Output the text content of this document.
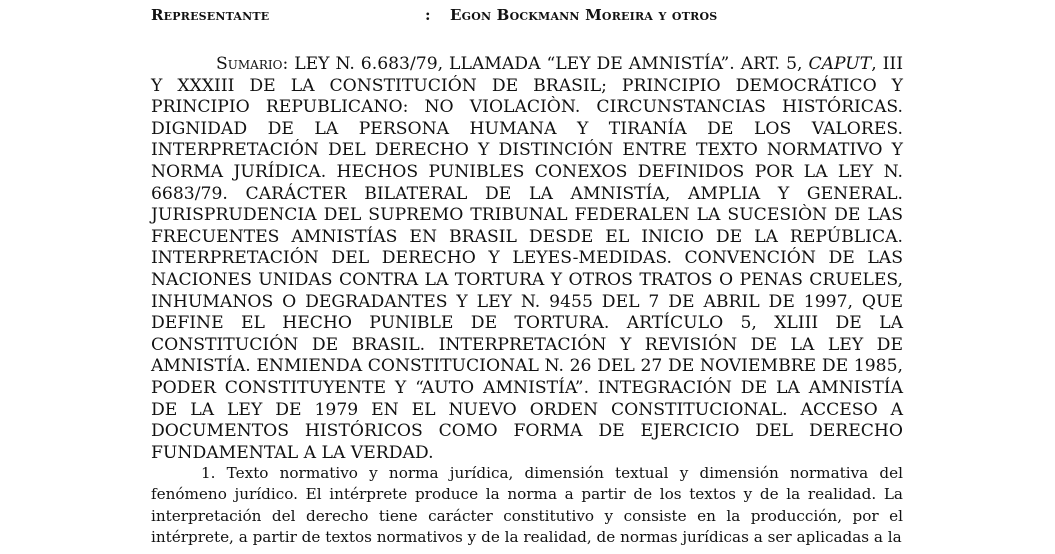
Representante	: Egon Bockmann Moreira y otros

Sumario: LEY N. 6.683/79, LLAMADA “LEY DE AMNISTÍA”. ART. 5, CAPUT, III Y XXXIII DE LA CONSTITUCIÓN DE BRASIL; PRINCIPIO DEMOCRÁTICO Y PRINCIPIO REPUBLICANO: NO VIOLACIÒN. CIRCUNSTANCIAS HISTÓRICAS. DIGNIDAD DE LA PERSONA HUMANA Y TIRANÍA DE LOS VALORES. INTERPRETACIÓN DEL DERECHO Y DISTINCIÓN ENTRE TEXTO NORMATIVO Y NORMA JURÍDICA. HECHOS PUNIBLES CONEXOS DEFINIDOS POR LA LEY N. 6683/79. CARÁCTER BILATERAL DE LA AMNISTÍA, AMPLIA Y GENERAL. JURISPRUDENCIA DEL SUPREMO TRIBUNAL FEDERALEN LA SUCESIÒN DE LAS FRECUENTES AMNISTÍAS EN BRASIL DESDE EL INICIO DE LA REPÚBLICA. INTERPRETACIÓN DEL DERECHO Y LEYES-MEDIDAS. CONVENCIÓN DE LAS NACIONES UNIDAS CONTRA LA TORTURA Y OTROS TRATOS O PENAS CRUELES, INHUMANOS O DEGRADANTES Y LEY N. 9455 DEL 7 DE ABRIL DE 1997, QUE DEFINE EL HECHO PUNIBLE DE TORTURA. ARTÍCULO 5, XLIII DE LA CONSTITUCIÓN DE BRASIL. INTERPRETACIÓN Y REVISIÓN DE LA LEY DE AMNISTÍA. ENMIENDA CONSTITUCIONAL N. 26 DEL 27 DE NOVIEMBRE DE 1985, PODER CONSTITUYENTE Y “AUTO AMNISTÍA”. INTEGRACIÓN DE LA AMNISTÍA DE LA LEY DE 1979 EN EL NUEVO ORDEN CONSTITUCIONAL. ACCESO A DOCUMENTOS HISTÓRICOS COMO FORMA DE EJERCICIO DEL DERECHO FUNDAMENTAL A LA VERDAD.

1. Texto normativo y norma jurídica, dimensión textual y dimensión normativa del fenómeno jurídico. El intérprete produce la norma a partir de los textos y de la realidad. La interpretación del derecho tiene carácter constitutivo y consiste en la producción, por el intérprete, a partir de textos normativos y de la realidad, de normas jurídicas a ser aplicadas a la
